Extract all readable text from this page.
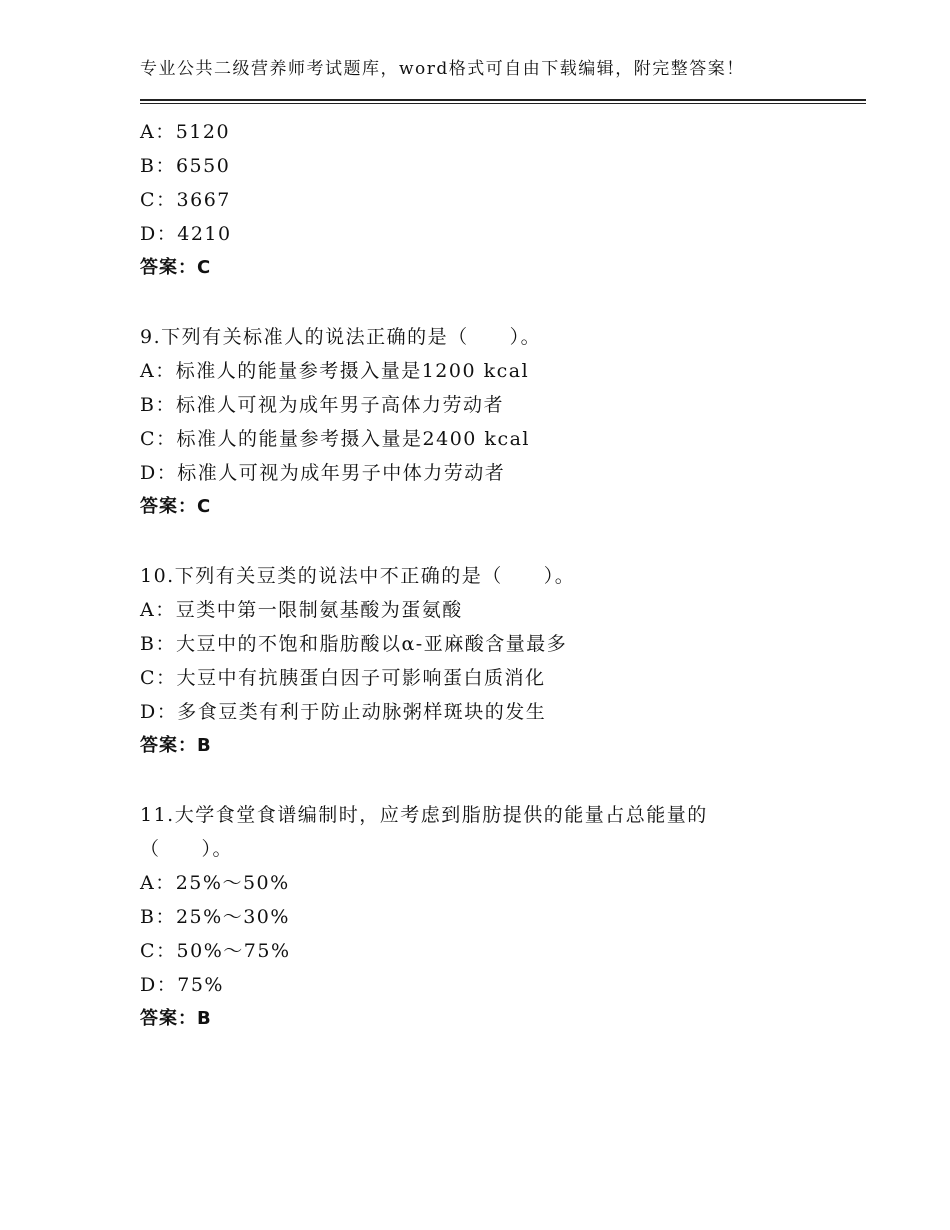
专业公共二级营养师考试题库，word格式可自由下载编辑，附完整答案！
A：5120
B：6550
C：3667
D：4210
答案：C
9.下列有关标准人的说法正确的是（　　）。
A：标准人的能量参考摄入量是1200 kcal
B：标准人可视为成年男子高体力劳动者
C：标准人的能量参考摄入量是2400 kcal
D：标准人可视为成年男子中体力劳动者
答案：C
10.下列有关豆类的说法中不正确的是（　　）。
A：豆类中第一限制氨基酸为蛋氨酸
B：大豆中的不饱和脂肪酸以α-亚麻酸含量最多
C：大豆中有抗胰蛋白因子可影响蛋白质消化
D：多食豆类有利于防止动脉粥样斑块的发生
答案：B
11.大学食堂食谱编制时，应考虑到脂肪提供的能量占总能量的
（　　）。
A：25%～50%
B：25%～30%
C：50%～75%
D：75%
答案：B
